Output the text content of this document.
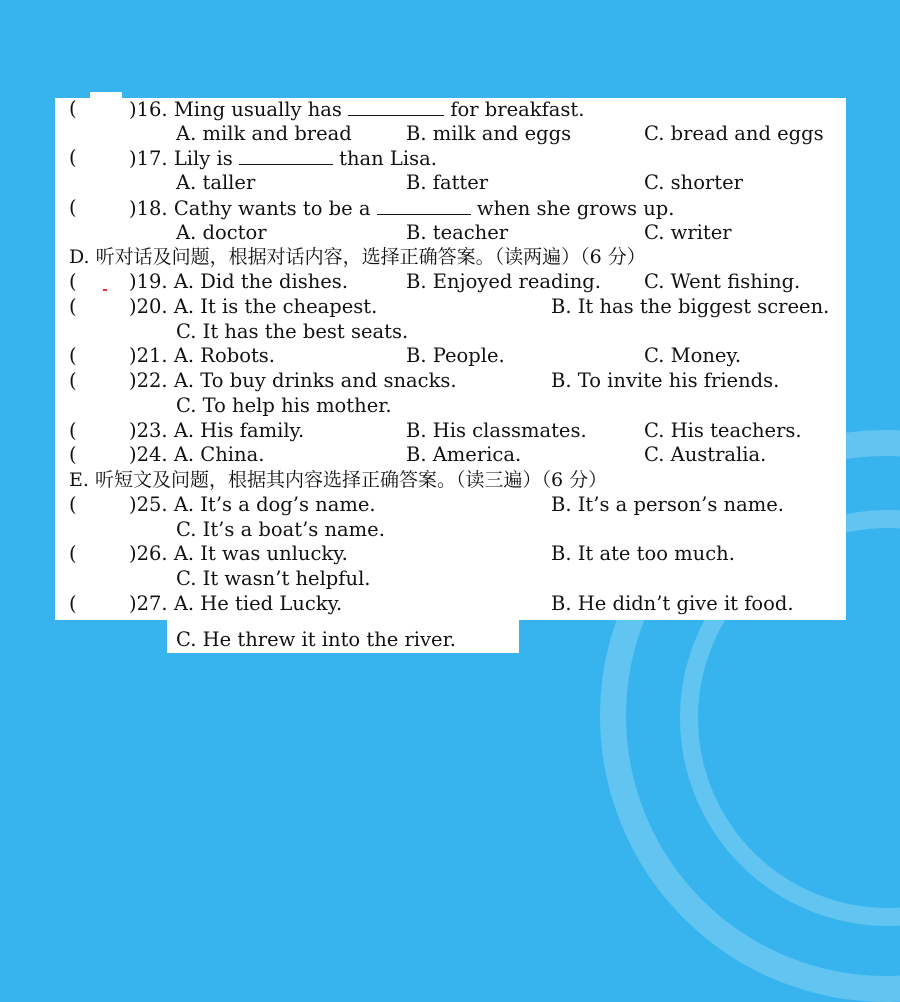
(	)16. Ming usually has	for breakfast.
A. milk and bread	B. milk and eggs	C. bread and eggs
(	)17. Lily is	than Lisa.
A. taller	B. fatter	C. shorter
(	)18. Cathy wants to be a	when she grows up.
A. doctor	B. teacher	C. writer
D. 听对话及问题，根据对话内容，选择正确答案。（读两遍）（6 分）
(	)19. A. Did the dishes.	B. Enjoyed reading. C. Went fishing.
(	)20. A. It is the cheapest.	B. It has the biggest screen.
C. It has the best seats.
(	)21. A. Robots.	B. People.	C. Money.
(	)22. A. To buy drinks and snacks.	B. To invite his friends.
C. To help his mother.
(	)23. A. His family.	B. His classmates.	C. His teachers.
(	)24. A. China.	B. America.	C. Australia.
E. 听短文及问题，根据其内容选择正确答案。（读三遍）（6 分）
(	)25. A. It’s a dog’s name.	B. It’s a person’s name.
C. It’s a boat’s name.
(	)26. A. It was unlucky.	B. It ate too much.
C. It wasn’t helpful.
(	)27. A. He tied Lucky.	B. He didn’t give it food.
C. He threw it into the river.
